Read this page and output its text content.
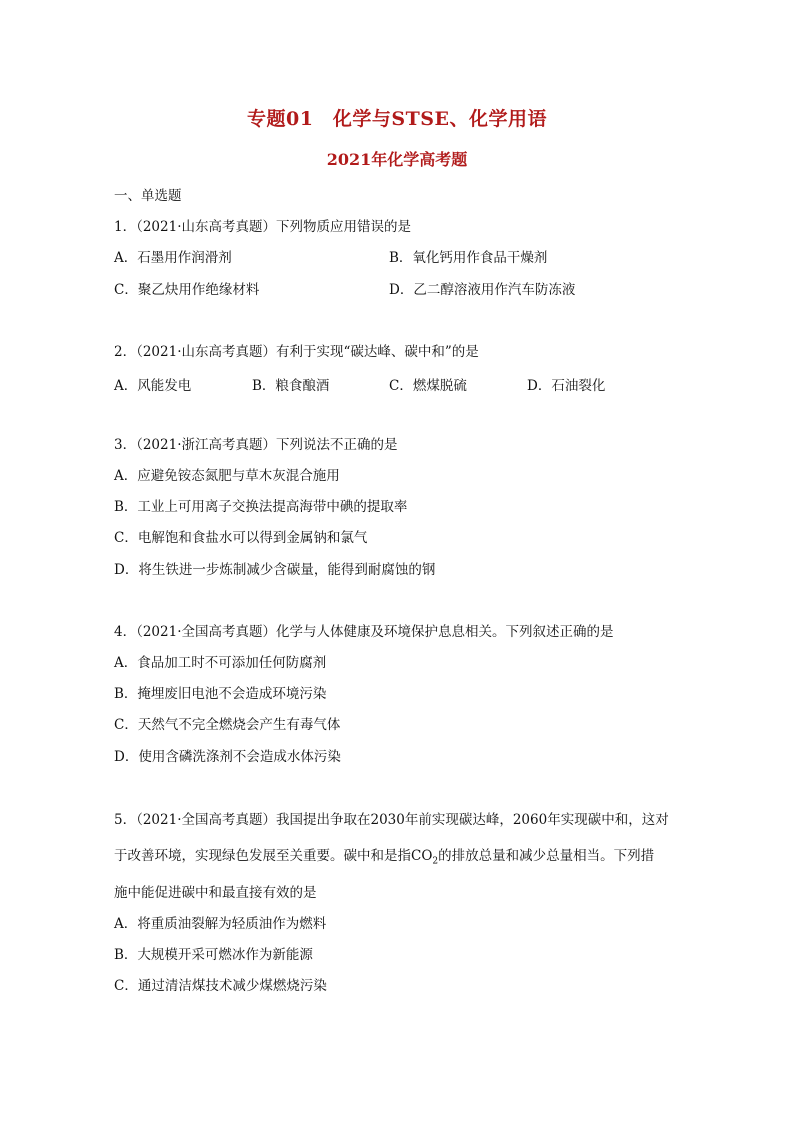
专题01　化学与STSE、化学用语
2021年化学高考题
一、单选题
1．（2021·山东高考真题）下列物质应用错误的是
A．石墨用作润滑剂	B．氧化钙用作食品干燥剂
C．聚乙炔用作绝缘材料	D．乙二醇溶液用作汽车防冻液
2．（2021·山东高考真题）有利于实现“碳达峰、碳中和”的是
A．风能发电	B．粮食酿酒	C．燃煤脱硫	D．石油裂化
3．（2021·浙江高考真题）下列说法不正确的是
A．应避免铵态氮肥与草木灰混合施用
B．工业上可用离子交换法提高海带中碘的提取率
C．电解饱和食盐水可以得到金属钠和氯气
D．将生铁进一步炼制减少含碳量，能得到耐腐蚀的钢
4．（2021·全国高考真题）化学与人体健康及环境保护息息相关。下列叙述正确的是
A．食品加工时不可添加任何防腐剂
B．掩埋废旧电池不会造成环境污染
C．天然气不完全燃烧会产生有毒气体
D．使用含磷洗涤剂不会造成水体污染
5．（2021·全国高考真题）我国提出争取在2030年前实现碳达峰，2060年实现碳中和，这对
于改善环境，实现绿色发展至关重要。碳中和是指$CO_2$的排放总量和减少总量相当。下列措
施中能促进碳中和最直接有效的是
A．将重质油裂解为轻质油作为燃料
B．大规模开采可燃冰作为新能源
C．通过清洁煤技术减少煤燃烧污染
